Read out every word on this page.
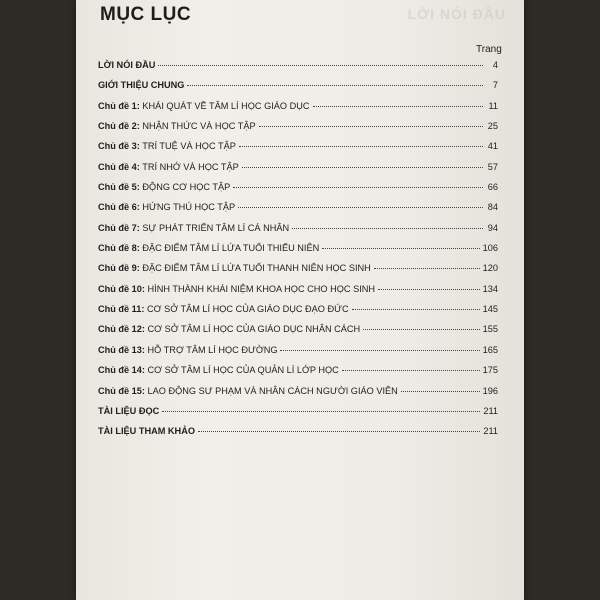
LỜI NÓI ĐẦU
MỤC LỤC
Trang
LỜI NÓI ĐẦU	4
GIỚI THIỆU CHUNG	7
Chủ đề 1: KHÁI QUÁT VỀ TÂM LÍ HỌC GIÁO DỤC	11
Chủ đề 2: NHẬN THỨC VÀ HỌC TẬP	25
Chủ đề 3: TRÍ TUỆ VÀ HỌC TẬP	41
Chủ đề 4: TRÍ NHỚ VÀ HỌC TẬP	57
Chủ đề 5: ĐỘNG CƠ HỌC TẬP	66
Chủ đề 6: HỨNG THÚ HỌC TẬP	84
Chủ đề 7: SỰ PHÁT TRIỂN TÂM LÍ CÁ NHÂN	94
Chủ đề 8: ĐẶC ĐIỂM TÂM LÍ LỨA TUỔI THIẾU NIÊN	106
Chủ đề 9: ĐẶC ĐIỂM TÂM LÍ LỨA TUỔI THANH NIÊN HỌC SINH	120
Chủ đề 10: HÌNH THÀNH KHÁI NIỆM KHOA HỌC CHO HỌC SINH	134
Chủ đề 11: CƠ SỞ TÂM LÍ HỌC CỦA GIÁO DỤC ĐẠO ĐỨC	145
Chủ đề 12: CƠ SỞ TÂM LÍ HỌC CỦA GIÁO DỤC NHÂN CÁCH	155
Chủ đề 13: HỖ TRỢ TÂM LÍ HỌC ĐƯỜNG	165
Chủ đề 14: CƠ SỞ TÂM LÍ HỌC CỦA QUẢN LÍ LỚP HỌC	175
Chủ đề 15: LAO ĐỘNG SƯ PHẠM VÀ NHÂN CÁCH NGƯỜI GIÁO VIÊN	196
TÀI LIỆU ĐỌC	211
TÀI LIỆU THAM KHẢO	211
